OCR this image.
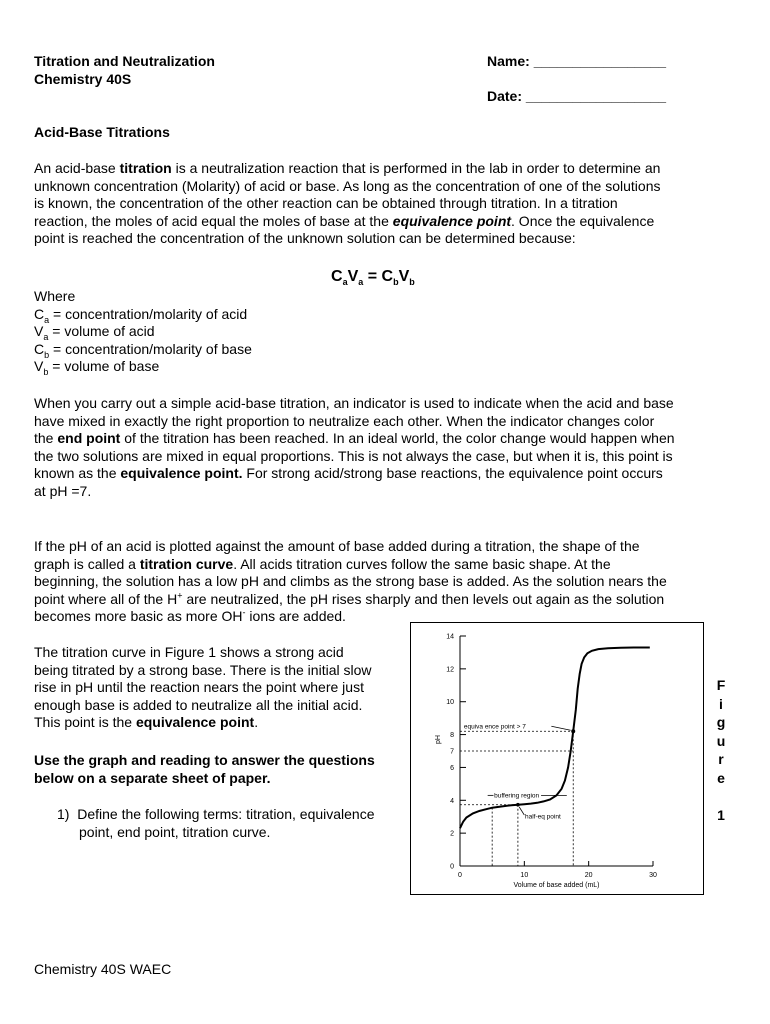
Titration and Neutralization
Chemistry 40S
Name: _________________
Date: __________________
Acid-Base Titrations
An acid-base titration is a neutralization reaction that is performed in the lab in order to determine an
unknown concentration (Molarity) of acid or base. As long as the concentration of one of the solutions
is known, the concentration of the other reaction can be obtained through titration. In a titration
reaction, the moles of acid equal the moles of base at the equivalence point. Once the equivalence
point is reached the concentration of the unknown solution can be determined because:
$C_aV_a = C_bV_b$
Where
$C_a$ = concentration/molarity of acid
$V_a$ = volume of acid
$C_b$ = concentration/molarity of base
$V_b$ = volume of base
When you carry out a simple acid-base titration, an indicator is used to indicate when the acid and base
have mixed in exactly the right proportion to neutralize each other. When the indicator changes color
the end point of the titration has been reached. In an ideal world, the color change would happen when
the two solutions are mixed in equal proportions. This is not always the case, but when it is, this point is
known as the equivalence point. For strong acid/strong base reactions, the equivalence point occurs
at pH =7.
If the pH of an acid is plotted against the amount of base added during a titration, the shape of the
graph is called a titration curve. All acids titration curves follow the same basic shape. At the
beginning, the solution has a low pH and climbs as the strong base is added. As the solution nears the
point where all of the H+ are neutralized, the pH rises sharply and then levels out again as the solution
becomes more basic as more OH- ions are added.
The titration curve in Figure 1 shows a strong acid
being titrated by a strong base. There is the initial slow
rise in pH until the reaction nears the point where just
enough base is added to neutralize all the initial acid.
This point is the equivalence point.
Use the graph and reading to answer the questions
below on a separate sheet of paper.
1) Define the following terms: titration, equivalence
point, end point, titration curve.
0
2
4
6
8
10
12
14
7
0	10	20	30
Volume of base added (mL)
pH
equiva ence point > 7
buffering region
half-eq point
F
i
g
u
r
e
1
Chemistry 40S WAEC
